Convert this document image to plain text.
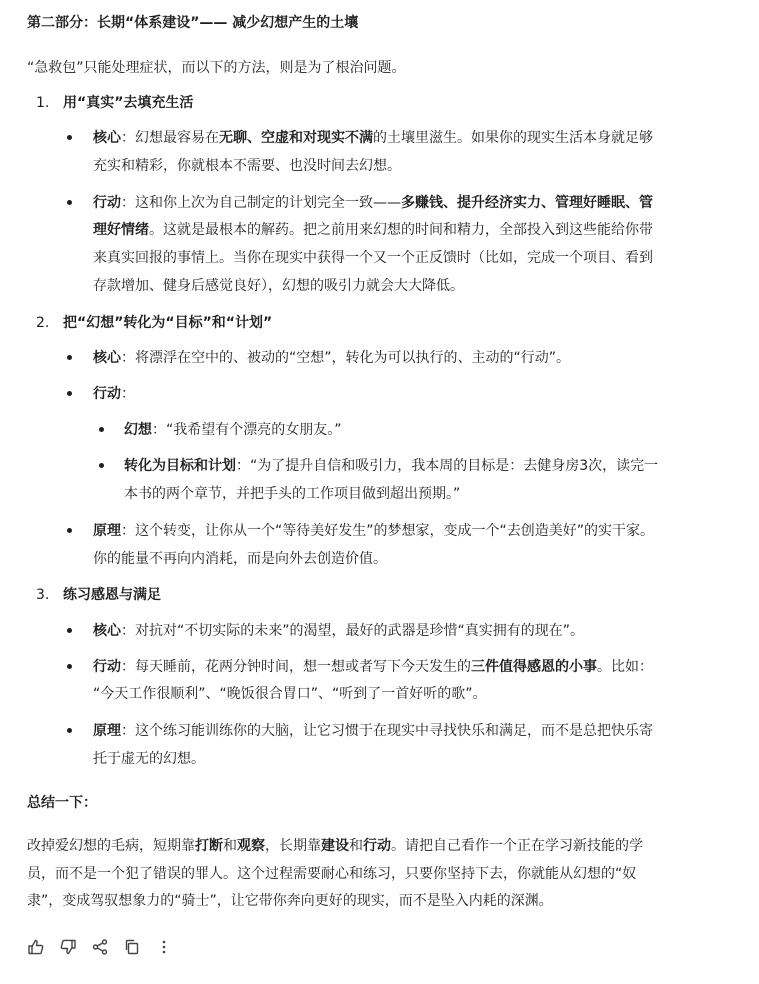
第二部分：长期“体系建设”—— 减少幻想产生的土壤
“急救包”只能处理症状，而以下的方法，则是为了根治问题。
1. 用“真实”去填充生活
核心：幻想最容易在无聊、空虚和对现实不满的土壤里滋生。如果你的现实生活本身就足够
充实和精彩，你就根本不需要、也没时间去幻想。
行动：这和你上次为自己制定的计划完全一致——多赚钱、提升经济实力、管理好睡眠、管
理好情绪。这就是最根本的解药。把之前用来幻想的时间和精力，全部投入到这些能给你带
来真实回报的事情上。当你在现实中获得一个又一个正反馈时（比如，完成一个项目、看到
存款增加、健身后感觉良好），幻想的吸引力就会大大降低。
2. 把“幻想”转化为“目标”和“计划”
核心：将漂浮在空中的、被动的“空想”，转化为可以执行的、主动的“行动”。
行动：
幻想：“我希望有个漂亮的女朋友。”
转化为目标和计划：“为了提升自信和吸引力，我本周的目标是：去健身房3次，读完一
本书的两个章节，并把手头的工作项目做到超出预期。”
原理：这个转变，让你从一个“等待美好发生”的梦想家，变成一个“去创造美好”的实干家。
你的能量不再向内消耗，而是向外去创造价值。
3. 练习感恩与满足
核心：对抗对“不切实际的未来”的渴望，最好的武器是珍惜“真实拥有的现在”。
行动：每天睡前，花两分钟时间，想一想或者写下今天发生的三件值得感恩的小事。比如：
“今天工作很顺利”、“晚饭很合胃口”、“听到了一首好听的歌”。
原理：这个练习能训练你的大脑，让它习惯于在现实中寻找快乐和满足，而不是总把快乐寄
托于虚无的幻想。
总结一下：
改掉爱幻想的毛病，短期靠打断和观察，长期靠建设和行动。请把自己看作一个正在学习新技能的学
员，而不是一个犯了错误的罪人。这个过程需要耐心和练习，只要你坚持下去，你就能从幻想的“奴
隶”，变成驾驭想象力的“骑士”，让它带你奔向更好的现实，而不是坠入内耗的深渊。
